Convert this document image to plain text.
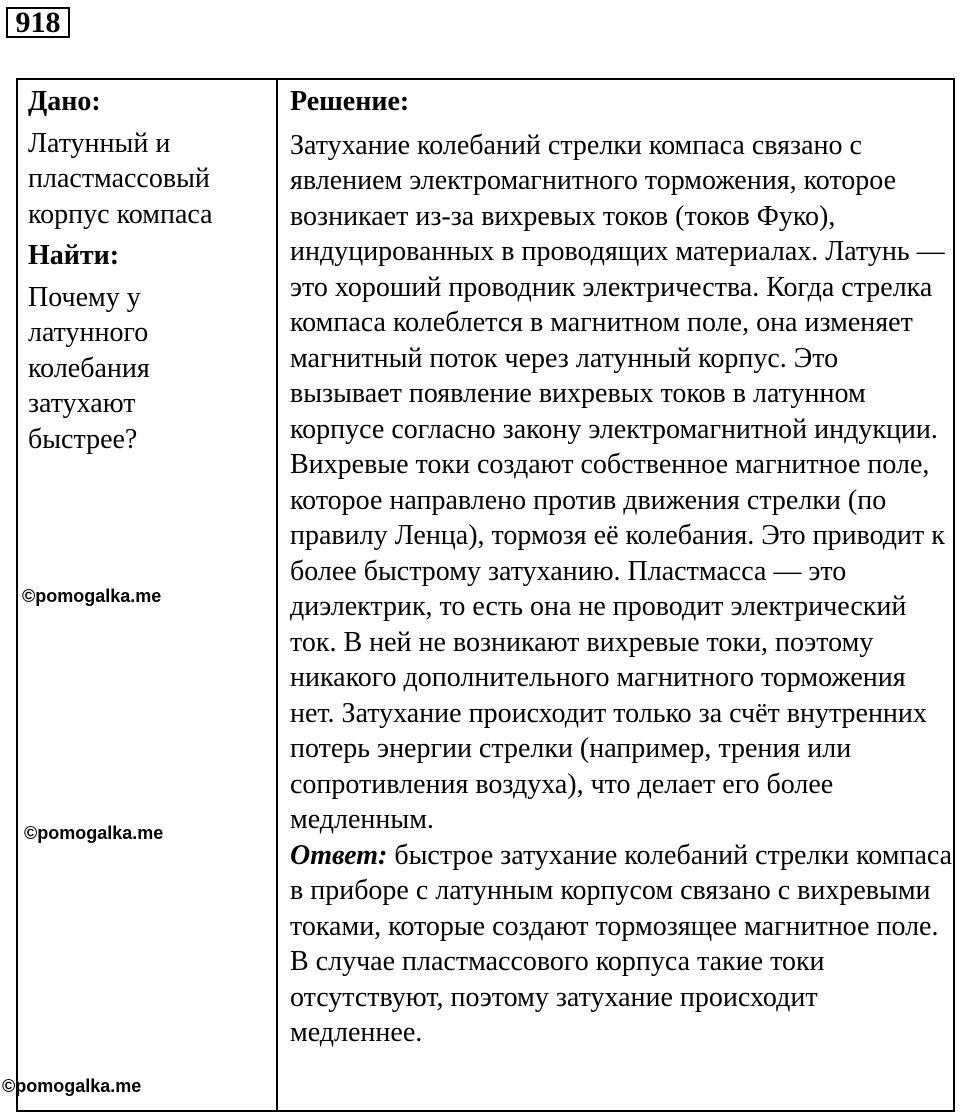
918

Дано:

Латунный и пластмассовый корпус компаса

Найти:

Почему у латунного колебания затухают быстрее?

Решение:

Затухание колебаний стрелки компаса связано с явлением электромагнитного торможения, которое возникает из-за вихревых токов (токов Фуко), индуцированных в проводящих материалах. Латунь — это хороший проводник электричества. Когда стрелка компаса колеблется в магнитном поле, она изменяет магнитный поток через латунный корпус. Это вызывает появление вихревых токов в латунном корпусе согласно закону электромагнитной индукции. Вихревые токи создают собственное магнитное поле, которое направлено против движения стрелки (по правилу Ленца), тормозя её колебания. Это приводит к более быстрому затуханию. Пластмасса — это диэлектрик, то есть она не проводит электрический ток. В ней не возникают вихревые токи, поэтому никакого дополнительного магнитного торможения нет. Затухание происходит только за счёт внутренних потерь энергии стрелки (например, трения или сопротивления воздуха), что делает его более медленным.

Ответ: быстрое затухание колебаний стрелки компаса в приборе с латунным корпусом связано с вихревыми токами, которые создают тормозящее магнитное поле. В случае пластмассового корпуса такие токи отсутствуют, поэтому затухание происходит медленнее.

©pomogalka.me
©pomogalka.me
©pomogalka.me
